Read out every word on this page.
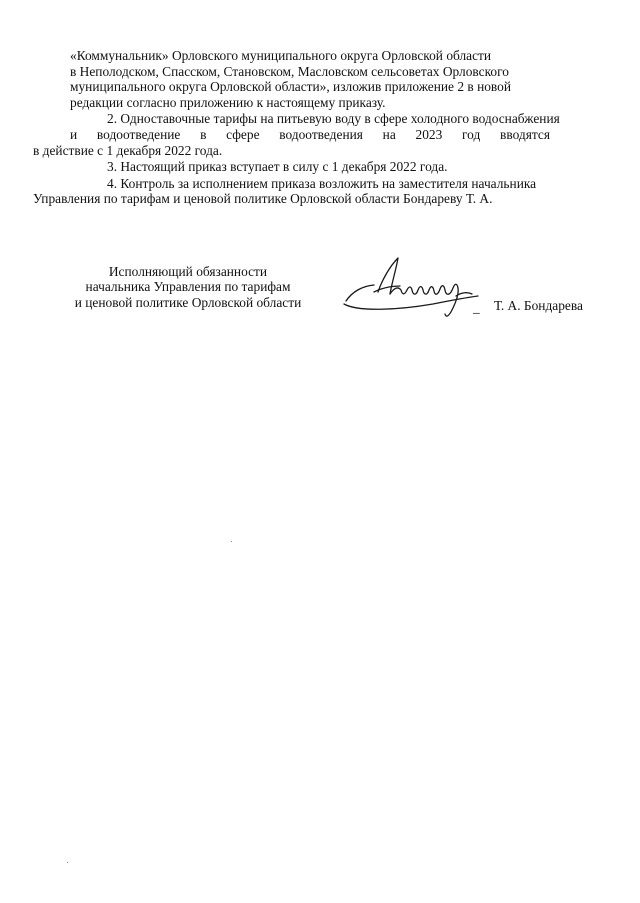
«Коммунальник» Орловского муниципального округа Орловской области
в Неполодском, Спасском, Становском, Масловском сельсоветах Орловского
муниципального округа Орловской области», изложив приложение 2 в новой
редакции согласно приложению к настоящему приказу.

2. Одноставочные тарифы на питьевую воду в сфере холодного водоснабжения
и водоотведение в сфере водоотведения на 2023 год вводятся
в действие с 1 декабря 2022 года.

3. Настоящий приказ вступает в силу с 1 декабря 2022 года.

4. Контроль за исполнением приказа возложить на заместителя начальника
Управления по тарифам и ценовой политике Орловской области Бондареву Т. А.

Исполняющий обязанности
начальника Управления по тарифам
и ценовой политике Орловской области	_ Т. А. Бондарева
